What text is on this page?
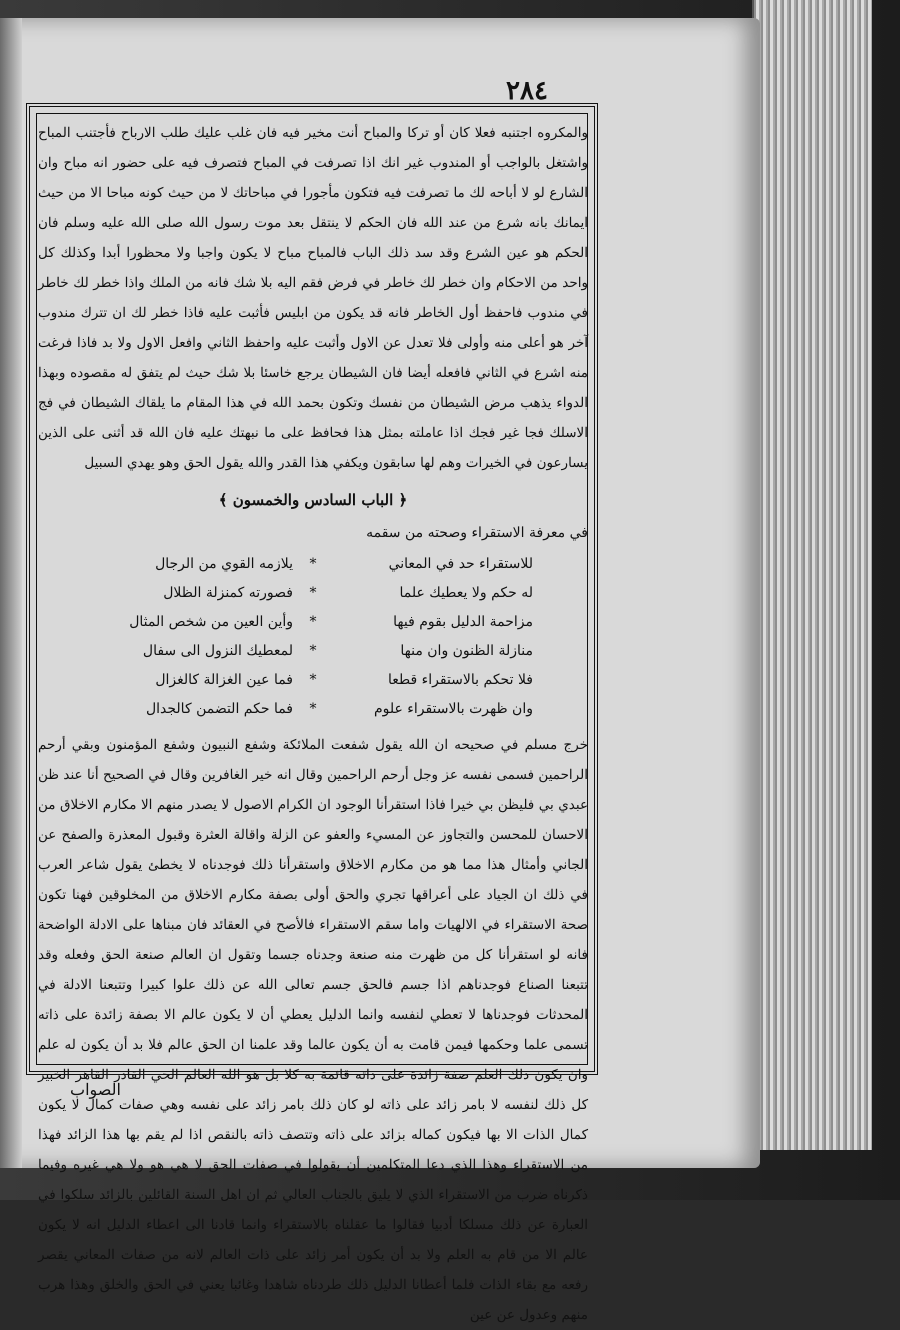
٢٨٤

والمكروه اجتنبه فعلا كان أو تركا والمباح أنت مخير فيه فان غلب عليك طلب الارباح فأجتنب المباح واشتغل بالواجب أو المندوب غير انك اذا تصرفت في المباح فتصرف فيه على حضور انه مباح وان الشارع لو لا أباحه لك ما تصرفت فيه فتكون مأجورا في مباحاتك لا من حيث كونه مباحا الا من حيث ايمانك بانه شرع من عند الله فان الحكم لا ينتقل بعد موت رسول الله صلى الله عليه وسلم فان الحكم هو عين الشرع وقد سد ذلك الباب فالمباح مباح لا يكون واجبا ولا محظورا أبدا وكذلك كل واحد من الاحكام وان خطر لك خاطر في فرض فقم اليه بلا شك فانه من الملك واذا خطر لك خاطر في مندوب فاحفظ أول الخاطر فانه قد يكون من ابليس فأثبت عليه فاذا خطر لك ان تترك مندوب آخر هو أعلى منه وأولى فلا تعدل عن الاول وأثبت عليه واحفظ الثاني وافعل الاول ولا بد فاذا فرغت منه اشرع في الثاني فافعله أيضا فان الشيطان يرجع خاسئا بلا شك حيث لم يتفق له مقصوده وبهذا الدواء يذهب مرض الشيطان من نفسك وتكون بحمد الله في هذا المقام ما يلقاك الشيطان في فج الاسلك فجا غير فجك اذا عاملته بمثل هذا فحافظ على ما نبهتك عليه فان الله قد أثنى على الذين يسارعون في الخيرات وهم لها سابقون ويكفي هذا القدر والله يقول الحق وهو يهدي السبيل

﴿ الباب السادس والخمسون ﴾

في معرفة الاستقراء وصحته من سقمه

للاستقراء حد في المعاني
*
يلازمه القوي من الرجال
له حكم ولا يعطيك علما
*
فصورته كمنزلة الظلال
مزاحمة الدليل بقوم فيها
*
وأين العين من شخص المثال
منازلة الظنون وان منها
*
لمعطيك النزول الى سفال
فلا تحكم بالاستقراء قطعا
*
فما عين الغزالة كالغزال
وان ظهرت بالاستقراء علوم
*
فما حكم التضمن كالجدال

خرج مسلم في صحيحه ان الله يقول شفعت الملائكة وشفع النبيون وشفع المؤمنون وبقي أرحم الراحمين فسمى نفسه عز وجل أرحم الراحمين وقال انه خير الغافرين وقال في الصحيح أنا عند ظن عبدي بي فليظن بي خيرا فاذا استقرأنا الوجود ان الكرام الاصول لا يصدر منهم الا مكارم الاخلاق من الاحسان للمحسن والتجاوز عن المسيء والعفو عن الزلة واقالة العثرة وقبول المعذرة والصفح عن الجاني وأمثال هذا مما هو من مكارم الاخلاق واستقرأنا ذلك فوجدناه لا يخطئ يقول شاعر العرب في ذلك ان الجياد على أعراقها تجري والحق أولى بصفة مكارم الاخلاق من المخلوقين فهنا تكون صحة الاستقراء في الالهيات واما سقم الاستقراء فالأصح في العقائد فان مبناها على الادلة الواضحة فانه لو استقرأنا كل من ظهرت منه صنعة وجدناه جسما وتقول ان العالم صنعة الحق وفعله وقد تتبعنا الصناع فوجدناهم اذا جسم فالحق جسم تعالى الله عن ذلك علوا كبيرا وتتبعنا الادلة في المحدثات فوجدناها لا تعطي لنفسه وانما الدليل يعطي أن لا يكون عالم الا بصفة زائدة على ذاته تسمى علما وحكمها فيمن قامت به أن يكون عالما وقد علمنا ان الحق عالم فلا بد أن يكون له علم وان يكون ذلك العلم صفة زائدة على ذاته قائمة به كلا بل هو الله العالم الحي القادر القاهر الخبير كل ذلك لنفسه لا بامر زائد على ذاته لو كان ذلك بامر زائد على نفسه وهي صفات كمال لا يكون كمال الذات الا بها فيكون كماله بزائد على ذاته وتتصف ذاته بالنقص اذا لم يقم بها هذا الزائد فهذا من الاستقراء وهذا الذي دعا المتكلمين أن يقولوا في صفات الحق لا هي هو ولا هي غيره وفيما ذكرناه ضرب من الاستقراء الذي لا يليق بالجناب العالي ثم ان اهل السنة القائلين بالزائد سلكوا في العبارة عن ذلك مسلكا أدبيا فقالوا ما عقلناه بالاستقراء وانما قادنا الى اعطاء الدليل انه لا يكون عالم الا من قام به العلم ولا بد أن يكون أمر زائد على ذات العالم لانه من صفات المعاني يقصر رفعه مع بقاء الذات فلما أعطانا الدليل ذلك طردناه شاهدا وغائبا يعني في الحق والخلق وهذا هرب منهم وعدول عن عين

الصواب
